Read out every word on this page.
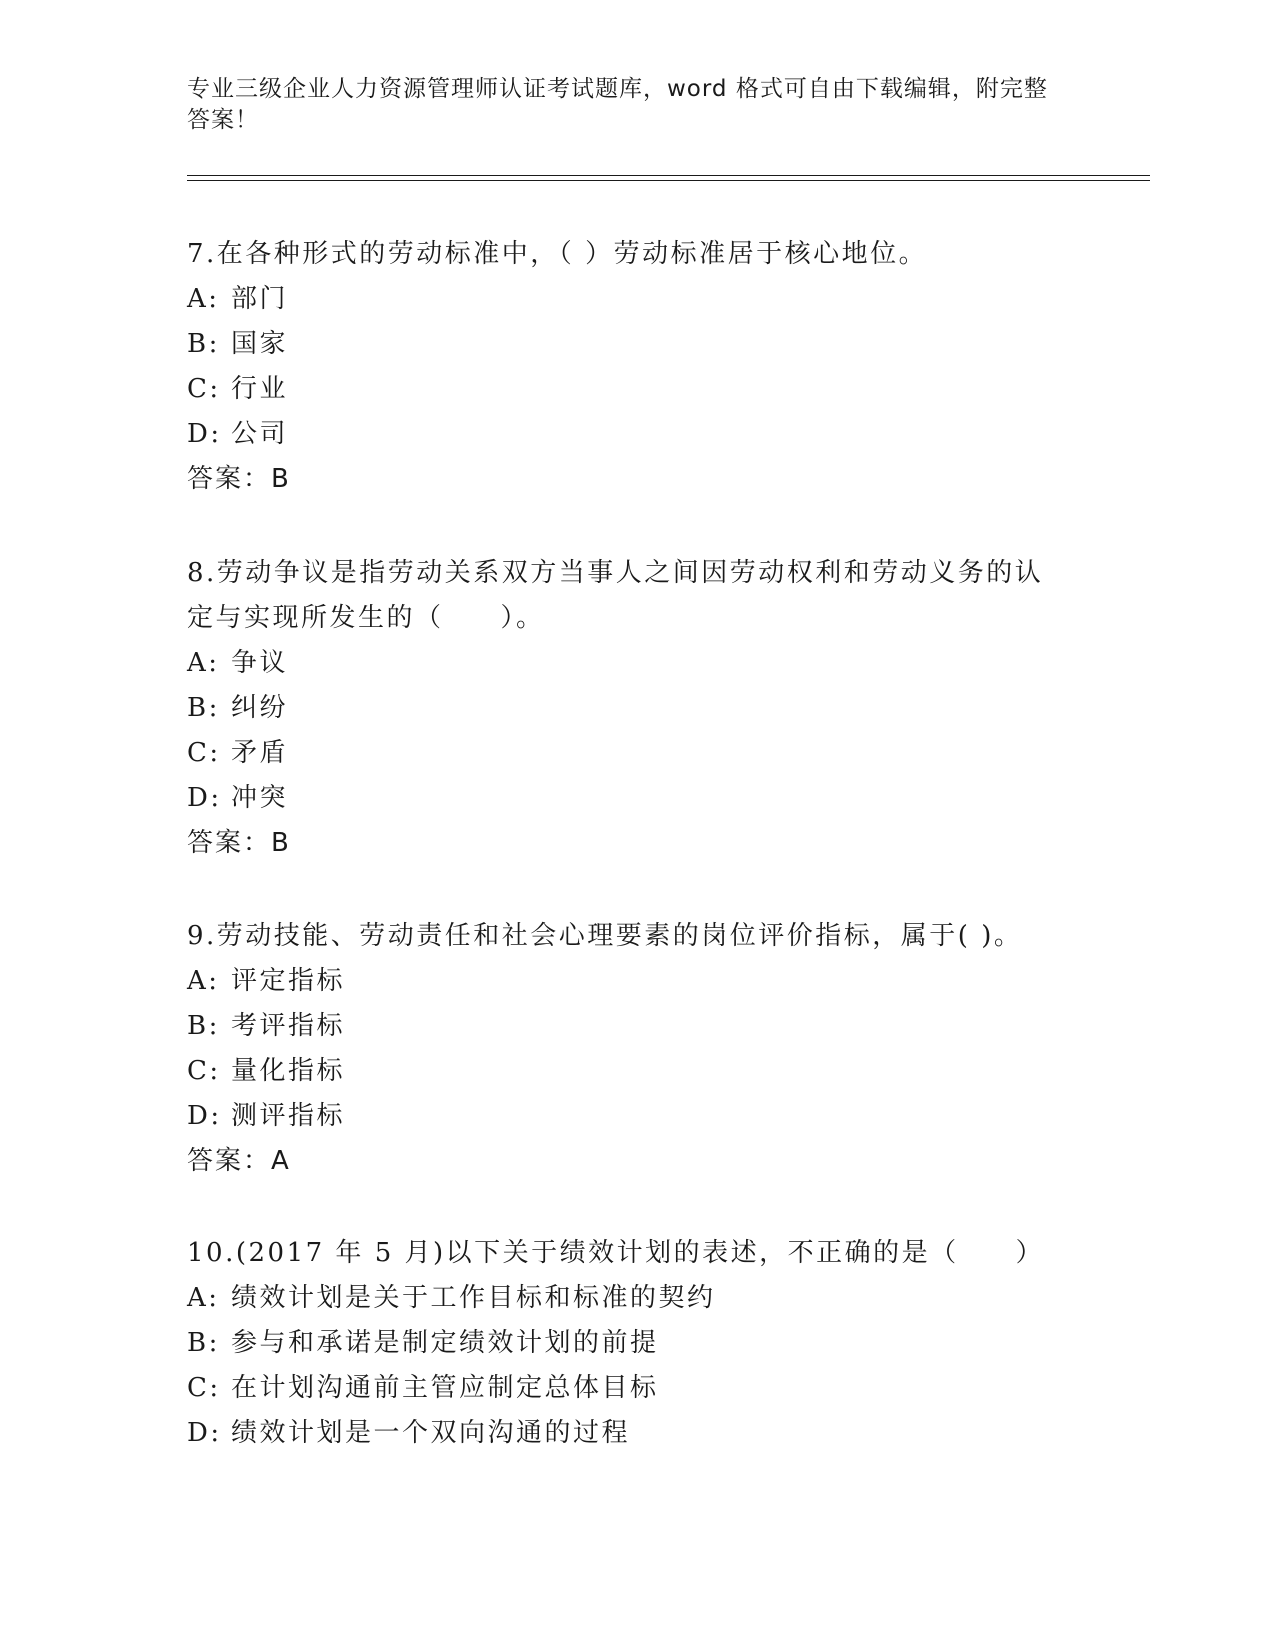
专业三级企业人力资源管理师认证考试题库，word 格式可自由下载编辑，附完整答案！

7.在各种形式的劳动标准中，（ ）劳动标准居于核心地位。

A: 部门

B: 国家

C: 行业

D: 公司

答案：B

8.劳动争议是指劳动关系双方当事人之间因劳动权利和劳动义务的认定与实现所发生的（　　）。

A: 争议

B: 纠纷

C: 矛盾

D: 冲突

答案：B

9.劳动技能、劳动责任和社会心理要素的岗位评价指标，属于( )。

A: 评定指标

B: 考评指标

C: 量化指标

D: 测评指标

答案：A

10.(2017 年 5 月)以下关于绩效计划的表述，不正确的是（　　）

A: 绩效计划是关于工作目标和标准的契约

B: 参与和承诺是制定绩效计划的前提

C: 在计划沟通前主管应制定总体目标

D: 绩效计划是一个双向沟通的过程
